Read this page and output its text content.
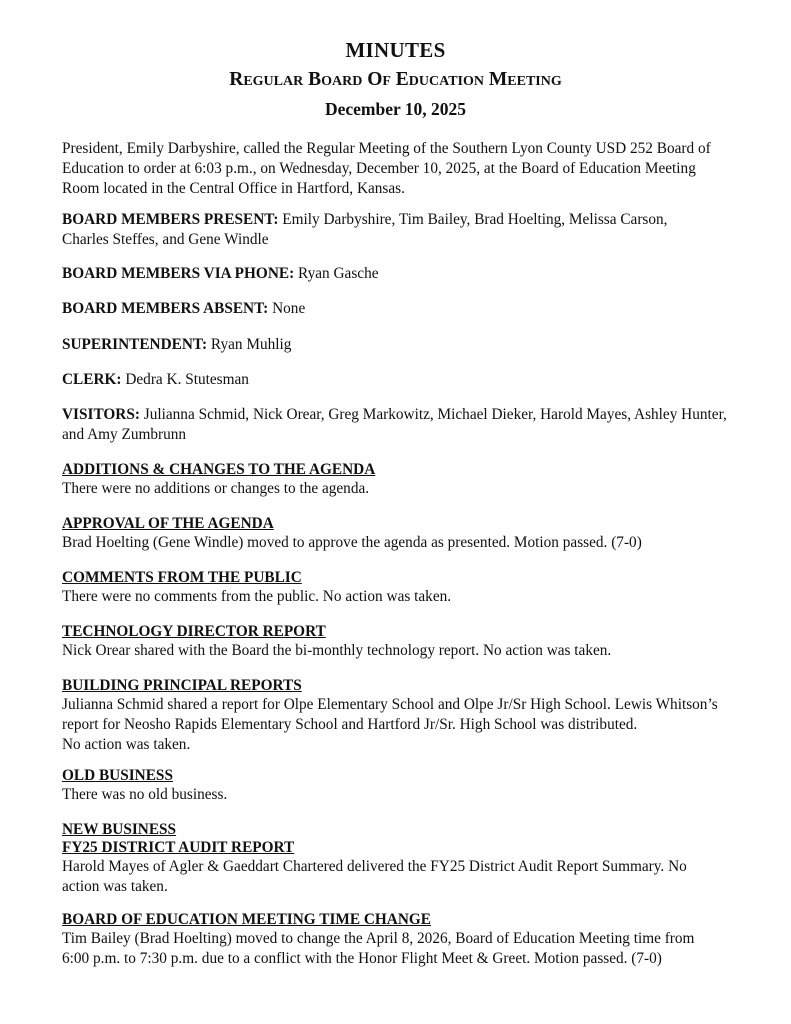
MINUTES
Regular Board Of Education Meeting
December 10, 2025
President, Emily Darbyshire, called the Regular Meeting of the Southern Lyon County USD 252 Board of
Education to order at 6:03 p.m., on Wednesday, December 10, 2025, at the Board of Education Meeting
Room located in the Central Office in Hartford, Kansas.
BOARD MEMBERS PRESENT: Emily Darbyshire, Tim Bailey, Brad Hoelting, Melissa Carson,
Charles Steffes, and Gene Windle
BOARD MEMBERS VIA PHONE: Ryan Gasche
BOARD MEMBERS ABSENT: None
SUPERINTENDENT: Ryan Muhlig
CLERK: Dedra K. Stutesman
VISITORS: Julianna Schmid, Nick Orear, Greg Markowitz, Michael Dieker, Harold Mayes, Ashley Hunter,
and Amy Zumbrunn
ADDITIONS & CHANGES TO THE AGENDA
There were no additions or changes to the agenda.
APPROVAL OF THE AGENDA
Brad Hoelting (Gene Windle) moved to approve the agenda as presented. Motion passed. (7-0)
COMMENTS FROM THE PUBLIC
There were no comments from the public. No action was taken.
TECHNOLOGY DIRECTOR REPORT
Nick Orear shared with the Board the bi-monthly technology report. No action was taken.
BUILDING PRINCIPAL REPORTS
Julianna Schmid shared a report for Olpe Elementary School and Olpe Jr/Sr High School. Lewis Whitson’s
report for Neosho Rapids Elementary School and Hartford Jr/Sr. High School was distributed.
No action was taken.
OLD BUSINESS
There was no old business.
NEW BUSINESS
FY25 DISTRICT AUDIT REPORT
Harold Mayes of Agler & Gaeddart Chartered delivered the FY25 District Audit Report Summary. No
action was taken.
BOARD OF EDUCATION MEETING TIME CHANGE
Tim Bailey (Brad Hoelting) moved to change the April 8, 2026, Board of Education Meeting time from
6:00 p.m. to 7:30 p.m. due to a conflict with the Honor Flight Meet & Greet. Motion passed. (7-0)
